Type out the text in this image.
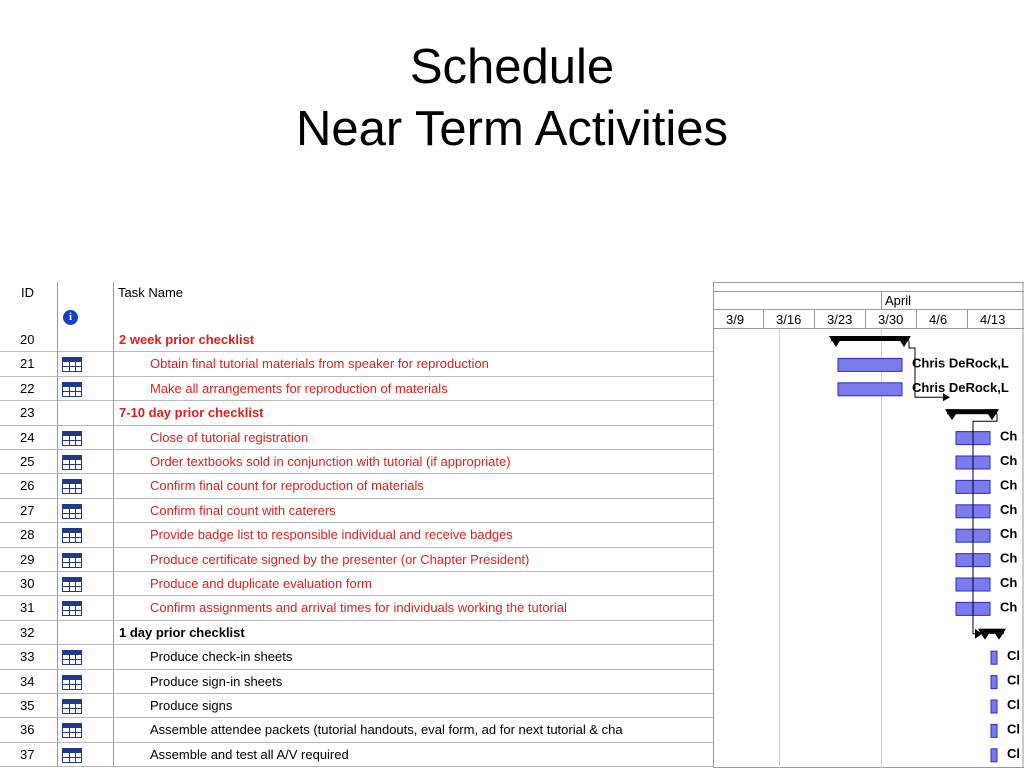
Schedule
Near Term Activities
ID
i
Task Name
20	2 week prior checklist
21	Obtain final tutorial materials from speaker for reproduction
22	Make all arrangements for reproduction of materials
23	7-10 day prior checklist
24	Close of tutorial registration
25	Order textbooks sold in conjunction with tutorial (if appropriate)
26	Confirm final count for reproduction of materials
27	Confirm final count with caterers
28	Provide badge list to responsible individual and receive badges
29	Produce certificate signed by the presenter (or Chapter President)
30	Produce and duplicate evaluation form
31	Confirm assignments and arrival times for individuals working the tutorial
32	1 day prior checklist
33	Produce check-in sheets
34	Produce sign-in sheets
35	Produce signs
36	Assemble attendee packets (tutorial handouts, eval form, ad for next tutorial & cha
37	Assemble and test all A/V required
April
3/9 3/16 3/23 3/30 4/6	4/13
Chris DeRock,L
Chris DeRock,L
Ch
Ch
Ch
Ch
Ch
Ch
Ch
Ch
Cl
Cl
Cl
Cl
Cl
